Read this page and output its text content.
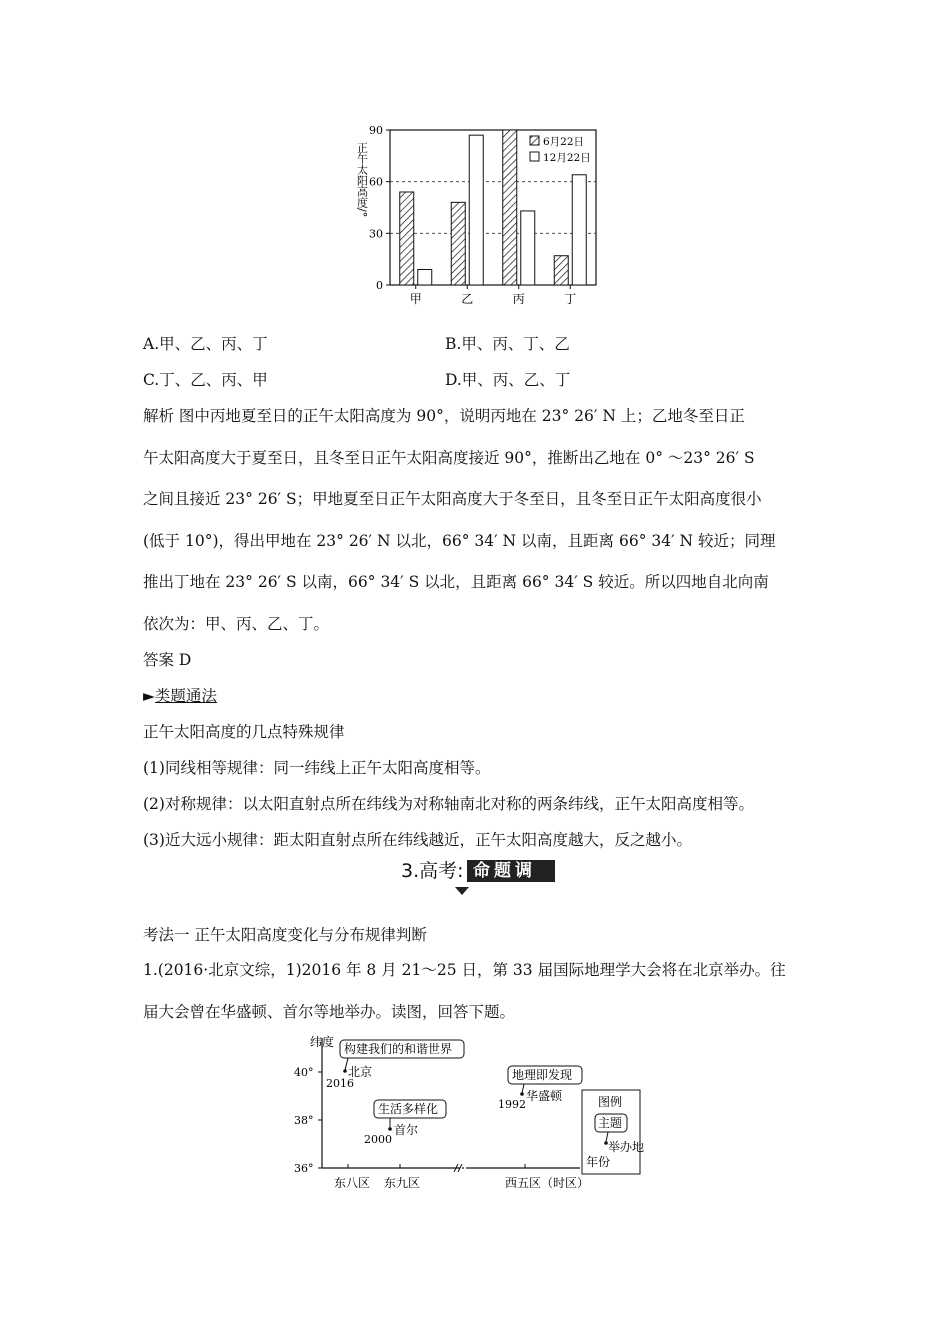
0
30
60
90
正午太阳高度/°
甲	乙	丙	丁
6月22日
12月22日
A.甲、乙、丙、丁	B.甲、丙、丁、乙
C.丁、乙、丙、甲	D.甲、丙、乙、丁
解析 图中丙地夏至日的正午太阳高度为 90°，说明丙地在 23° 26′ N 上；乙地冬至日正
午太阳高度大于夏至日，且冬至日正午太阳高度接近 90°，推断出乙地在 0° ～23° 26′ S
之间且接近 23° 26′ S；甲地夏至日正午太阳高度大于冬至日，且冬至日正午太阳高度很小
(低于 10°)，得出甲地在 23° 26′ N 以北，66° 34′ N 以南，且距离 66° 34′ N 较近；同理
推出丁地在 23° 26′ S 以南，66° 34′ S 以北，且距离 66° 34′ S 较近。所以四地自北向南
依次为：甲、丙、乙、丁。
答案 D
►类题通法
正午太阳高度的几点特殊规律
(1)同线相等规律：同一纬线上正午太阳高度相等。
(2)对称规律：以太阳直射点所在纬线为对称轴南北对称的两条纬线，正午太阳高度相等。
(3)近大远小规律：距太阳直射点所在纬线越近，正午太阳高度越大，反之越小。
3.高考: 命题调研
考法一 正午太阳高度变化与分布规律判断
1.(2016·北京文综，1)2016 年 8 月 21～25 日，第 33 届国际地理学大会将在北京举办。往
届大会曾在华盛顿、首尔等地举办。读图，回答下题。
纬度
40°
38°
36°
东八区 东九区	西五区（时区）
构建我们的和谐世界
北京
2016
生活多样化
首尔
2000
地理即发现
华盛顿
1992	图例
主题
举办地
年份
